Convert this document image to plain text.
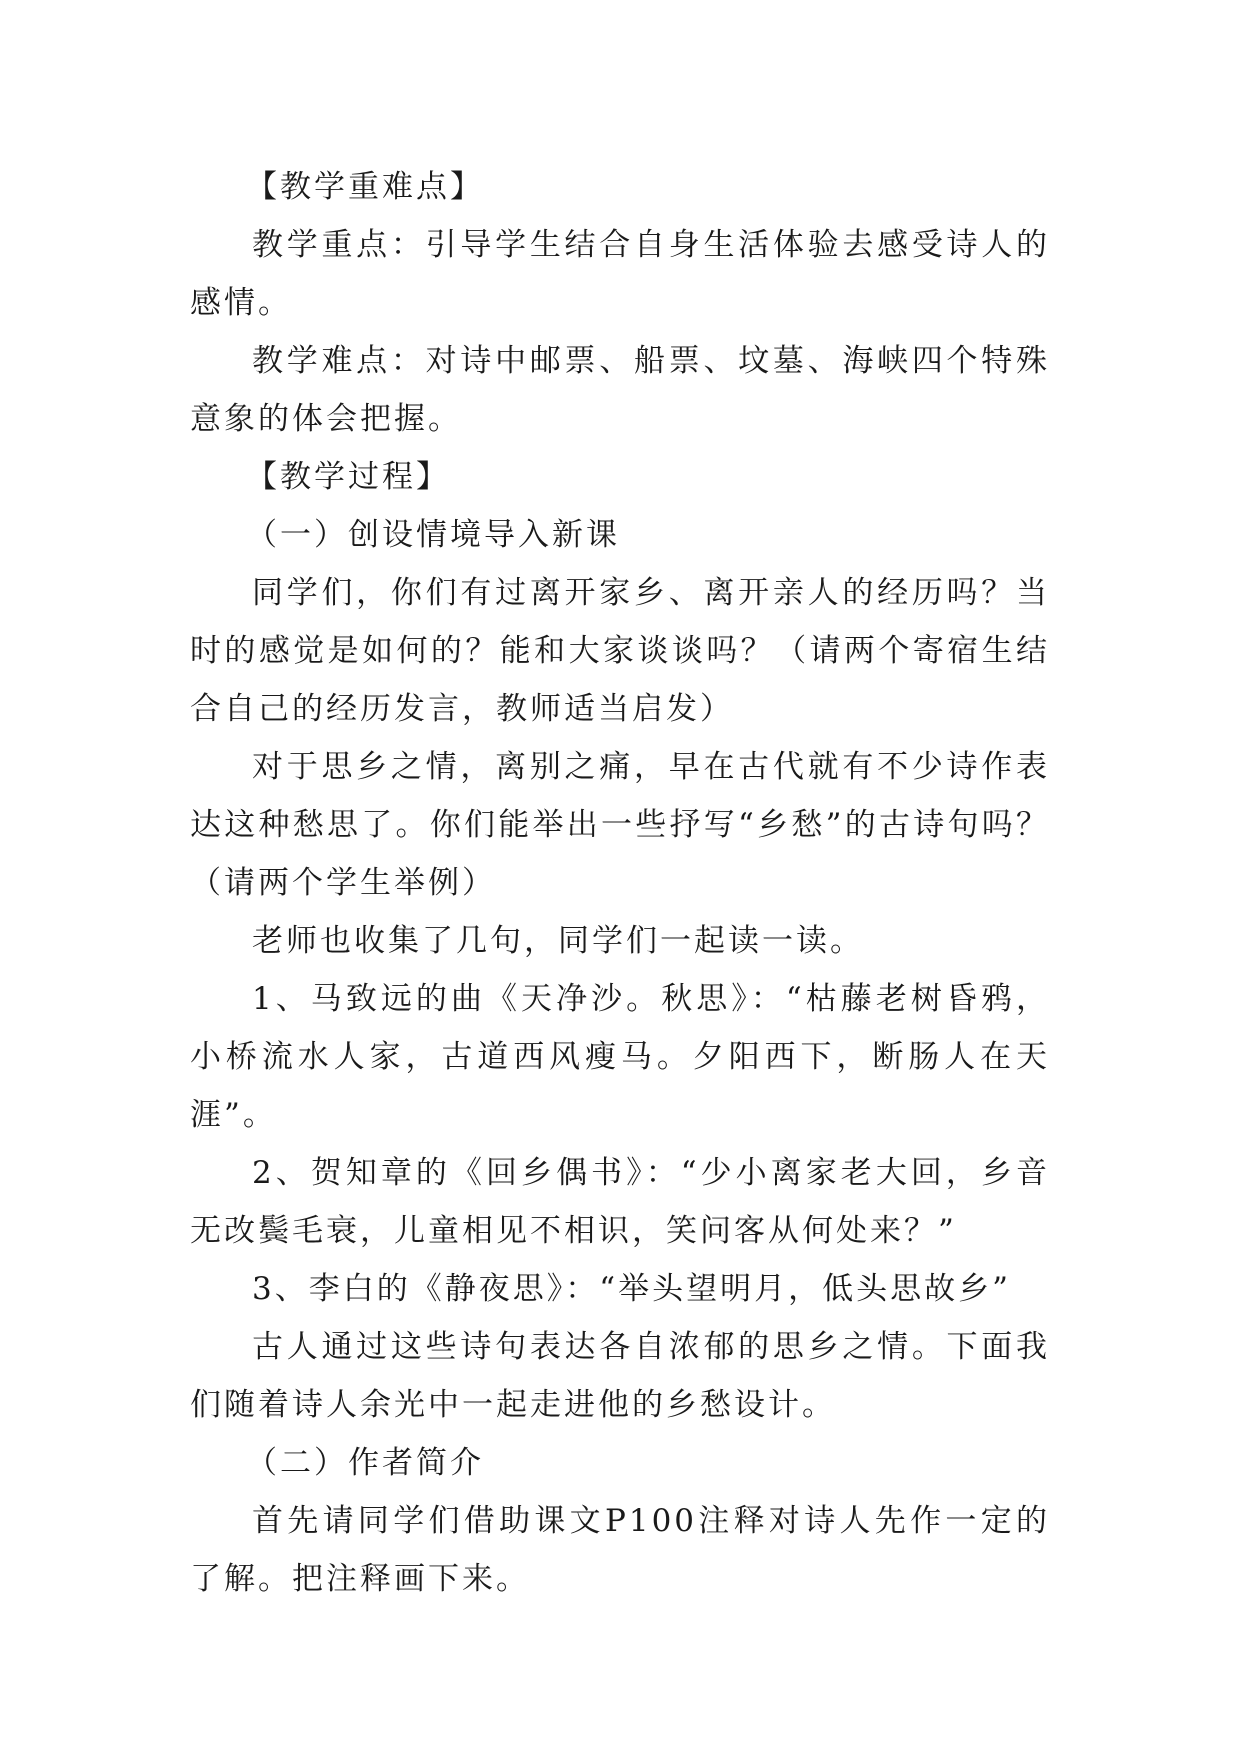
【教学重难点】

教学重点：引导学生结合自身生活体验去感受诗人的感情。

教学难点：对诗中邮票、船票、坟墓、海峡四个特殊意象的体会把握。

【教学过程】

（一）创设情境导入新课

同学们，你们有过离开家乡、离开亲人的经历吗？当时的感觉是如何的？能和大家谈谈吗？（请两个寄宿生结合自己的经历发言，教师适当启发）

对于思乡之情，离别之痛，早在古代就有不少诗作表达这种愁思了。你们能举出一些抒写“乡愁”的古诗句吗？（请两个学生举例）

老师也收集了几句，同学们一起读一读。

1、马致远的曲《天净沙。秋思》：“枯藤老树昏鸦，小桥流水人家，古道西风瘦马。夕阳西下，断肠人在天涯”。

2、贺知章的《回乡偶书》：“少小离家老大回，乡音无改鬓毛衰，儿童相见不相识，笑问客从何处来？”

3、李白的《静夜思》：“举头望明月，低头思故乡”

古人通过这些诗句表达各自浓郁的思乡之情。下面我们随着诗人余光中一起走进他的乡愁设计。

（二）作者简介

首先请同学们借助课文P100注释对诗人先作一定的了解。把注释画下来。
